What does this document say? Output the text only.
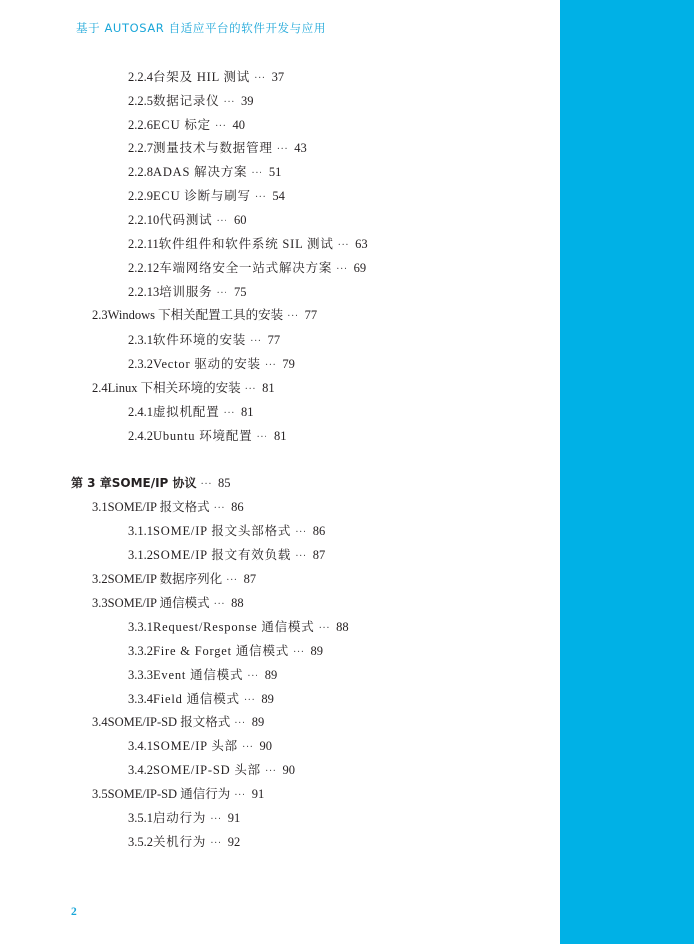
基于 AUTOSAR 自适应平台的软件开发与应用
2.2.4 台架及 HIL 测试 ·····	37
2.2.5 数据记录仪 ·····	39
2.2.6 ECU 标定 ·····	40
2.2.7 测量技术与数据管理 ·····	43
2.2.8 ADAS 解决方案 ·····	51
2.2.9 ECU 诊断与刷写 ·····	54
2.2.10 代码测试 ·····	60
2.2.11 软件组件和软件系统 SIL 测试 ·····	63
2.2.12 车端网络安全一站式解决方案 ·····	69
2.2.13 培训服务 ·····	75
2.3 Windows 下相关配置工具的安装 ·····	77
2.3.1 软件环境的安装 ·····	77
2.3.2 Vector 驱动的安装 ·····	79
2.4 Linux 下相关环境的安装 ·····	81
2.4.1 虚拟机配置 ·····	81
2.4.2 Ubuntu 环境配置 ·····	81
第 3 章 SOME/IP 协议 ·····	85
3.1 SOME/IP 报文格式 ·····	86
3.1.1 SOME/IP 报文头部格式 ·····	86
3.1.2 SOME/IP 报文有效负载 ·····	87
3.2 SOME/IP 数据序列化 ·····	87
3.3 SOME/IP 通信模式 ·····	88
3.3.1 Request/Response 通信模式 ·····	88
3.3.2 Fire & Forget 通信模式 ·····	89
3.3.3 Event 通信模式 ·····	89
3.3.4 Field 通信模式 ·····	89
3.4 SOME/IP-SD 报文格式 ·····	89
3.4.1 SOME/IP 头部 ·····	90
3.4.2 SOME/IP-SD 头部 ·····	90
3.5 SOME/IP-SD 通信行为 ·····	91
3.5.1 启动行为 ·····	91
3.5.2 关机行为 ·····	92
2
